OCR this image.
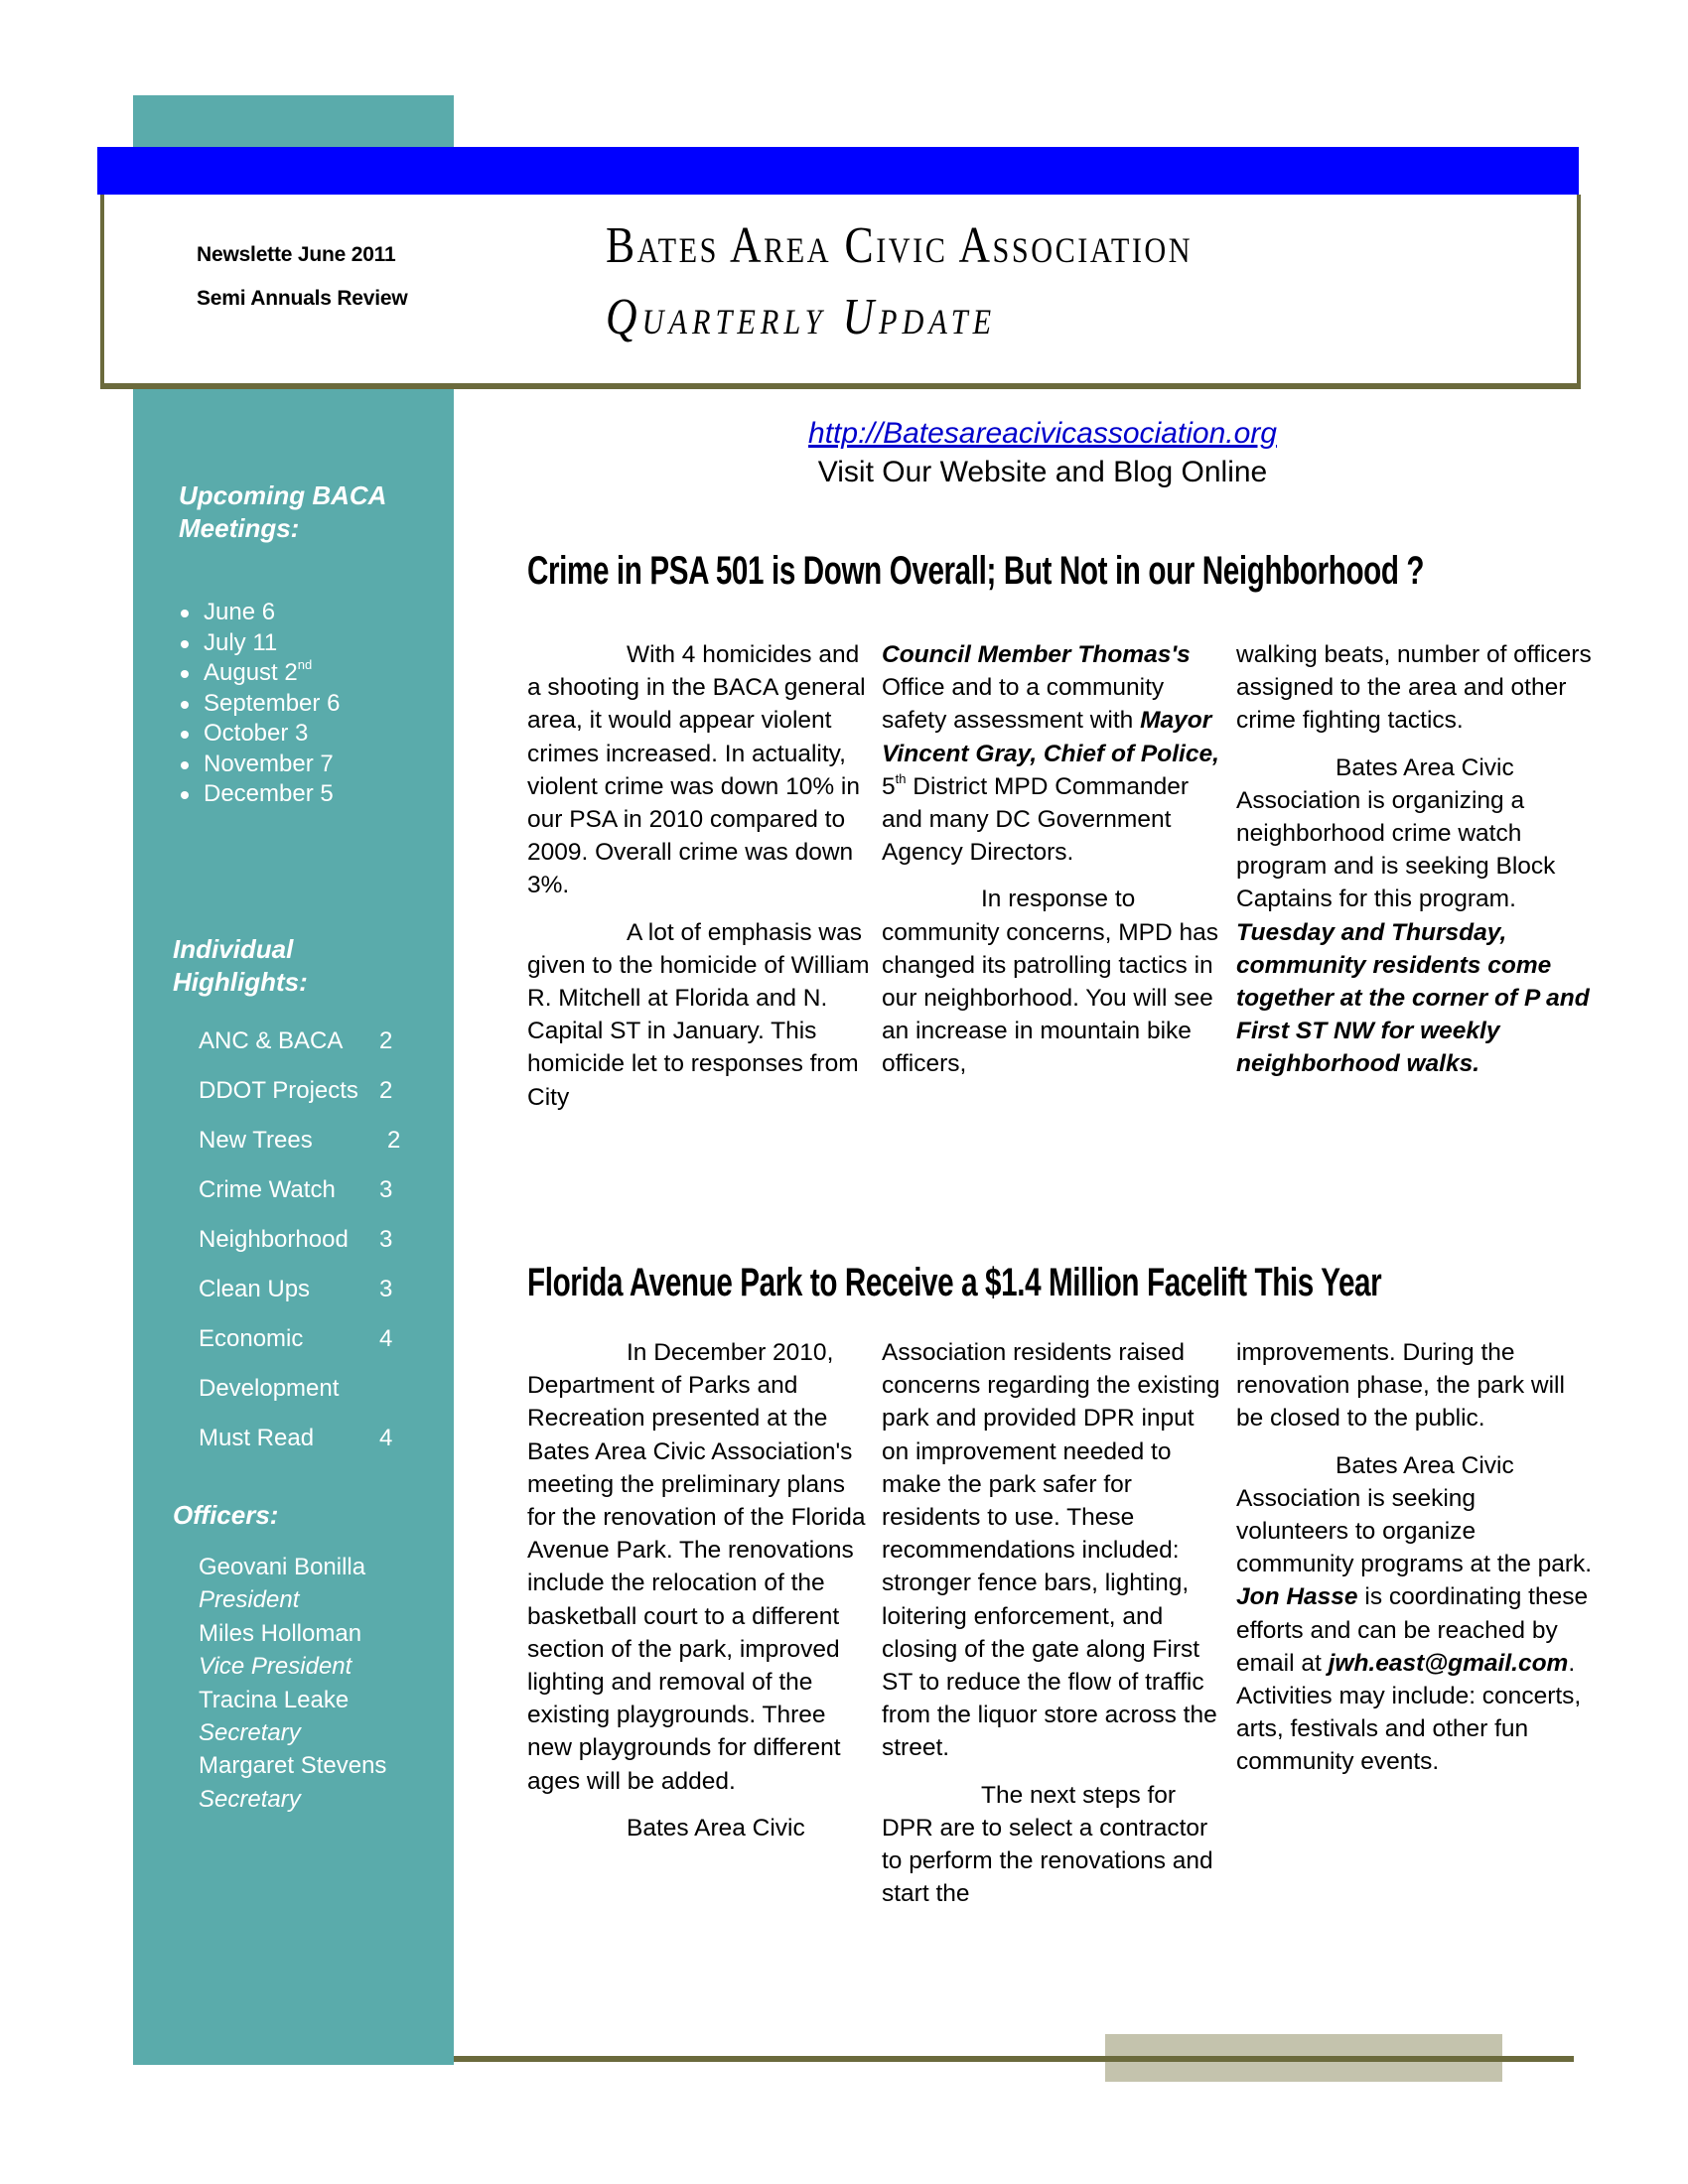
Newslette June 2011
Semi Annuals Review
Bates Area Civic Association
Quarterly Update
Upcoming BACA
Meetings:
June 6
July 11
August 2nd
September 6
October 3
November 7
December 5
Individual
Highlights:
ANC & BACA 2
DDOT Projects 2
New Trees	2
Crime Watch 3
Neighborhood 3
Clean Ups	3
Economic	4
Development
Must Read	4
Officers:
Geovani Bonilla
President
Miles Holloman
Vice President
Tracina Leake
Secretary
Margaret Stevens
Secretary
http://Batesareacivicassociation.org
Visit Our Website and Blog Online
Crime in PSA 501 is Down Overall; But Not in our Neighborhood ?

With 4 homicides and a shooting in the BACA general area, it would appear violent crimes increased. In actuality, violent crime was down 10% in our PSA in 2010 compared to 2009. Overall crime was down 3%.

A lot of emphasis was given to the homicide of William R. Mitchell at Florida and N. Capital ST in January. This homicide let to responses from City

Council Member Thomas's Office and to a community safety assessment with Mayor Vincent Gray, Chief of Police, 5th District MPD Commander and many DC Government Agency Directors.

In response to community concerns, MPD has changed its patrolling tactics in our neighborhood. You will see an increase in mountain bike officers,

walking beats, number of officers assigned to the area and other crime fighting tactics.

Bates Area Civic Association is organizing a neighborhood crime watch program and is seeking Block Captains for this program. Tuesday and Thursday, community residents come together at the corner of P and First ST NW for weekly neighborhood walks.

Florida Avenue Park to Receive a $1.4 Million Facelift This Year

In December 2010, Department of Parks and Recreation presented at the Bates Area Civic Association's meeting the preliminary plans for the renovation of the Florida Avenue Park. The renovations include the relocation of the basketball court to a different section of the park, improved lighting and removal of the existing playgrounds. Three new playgrounds for different ages will be added.

Bates Area Civic

Association residents raised concerns regarding the existing park and provided DPR input on improvement needed to make the park safer for residents to use. These recommendations included: stronger fence bars, lighting, loitering enforcement, and closing of the gate along First ST to reduce the flow of traffic from the liquor store across the street.

The next steps for DPR are to select a contractor to perform the renovations and start the

improvements. During the renovation phase, the park will be closed to the public.

Bates Area Civic Association is seeking volunteers to organize community programs at the park. Jon Hasse is coordinating these efforts and can be reached by email at jwh.east@gmail.com. Activities may include: concerts, arts, festivals and other fun community events.
